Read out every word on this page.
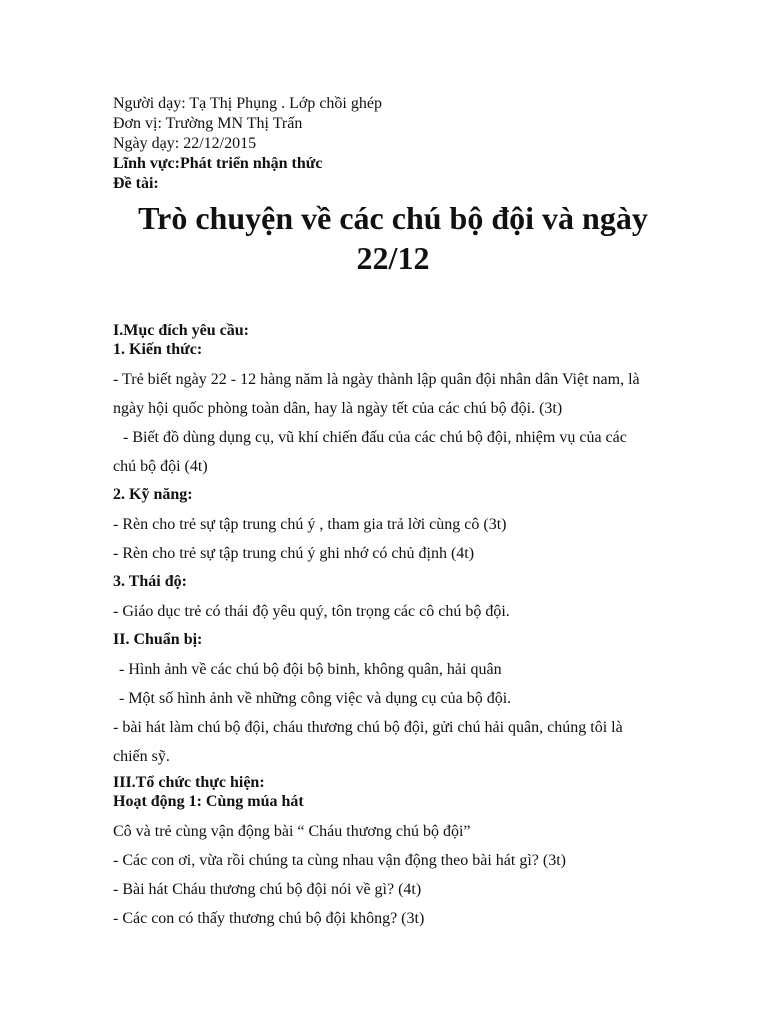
Người dạy: Tạ Thị Phụng . Lớp chồi ghép

Đơn vị: Trường MN Thị Trấn

Ngày dạy: 22/12/2015

Lĩnh vực:Phát triển nhận thức

Đề tài:

Trò chuyện về các chú bộ đội và ngày
22/12

I.Mục đích yêu cầu:

1. Kiến thức:

- Trẻ biết ngày 22 - 12 hàng năm là ngày thành lập quân đội nhân dân Việt nam, là

ngày hội quốc phòng toàn dân, hay là ngày tết của các chú bộ đội. (3t)

- Biết đồ dùng dụng cụ, vũ khí chiến đấu của các chú bộ đội, nhiệm vụ của các

chú bộ đội (4t)

2. Kỹ năng:

- Rèn cho trẻ sự tập trung chú ý , tham gia trả lời cùng cô (3t)

- Rèn cho trẻ sự tập trung chú ý ghi nhớ có chủ định (4t)

3. Thái độ:

- Giáo dục trẻ có thái độ yêu quý, tôn trọng các cô chú bộ đội.

II. Chuẩn bị:

- Hình ảnh về các chú bộ đội bộ binh, không quân, hải quân

- Một số hình ảnh về những công việc và dụng cụ của bộ đội.

- bài hát làm chú bộ đội, cháu thương chú bộ đội, gửi chú hải quân, chúng tôi là

chiến sỹ.

III.Tổ chức thực hiện:

Hoạt động 1: Cùng múa hát

Cô và trẻ cùng vận động bài “ Cháu thương chú bộ đội”

- Các con ơi, vừa rồi chúng ta cùng nhau vận động theo bài hát gì? (3t)

- Bài hát Cháu thương chú bộ đội nói về gì? (4t)

- Các con có thấy thương chú bộ đội không? (3t)
